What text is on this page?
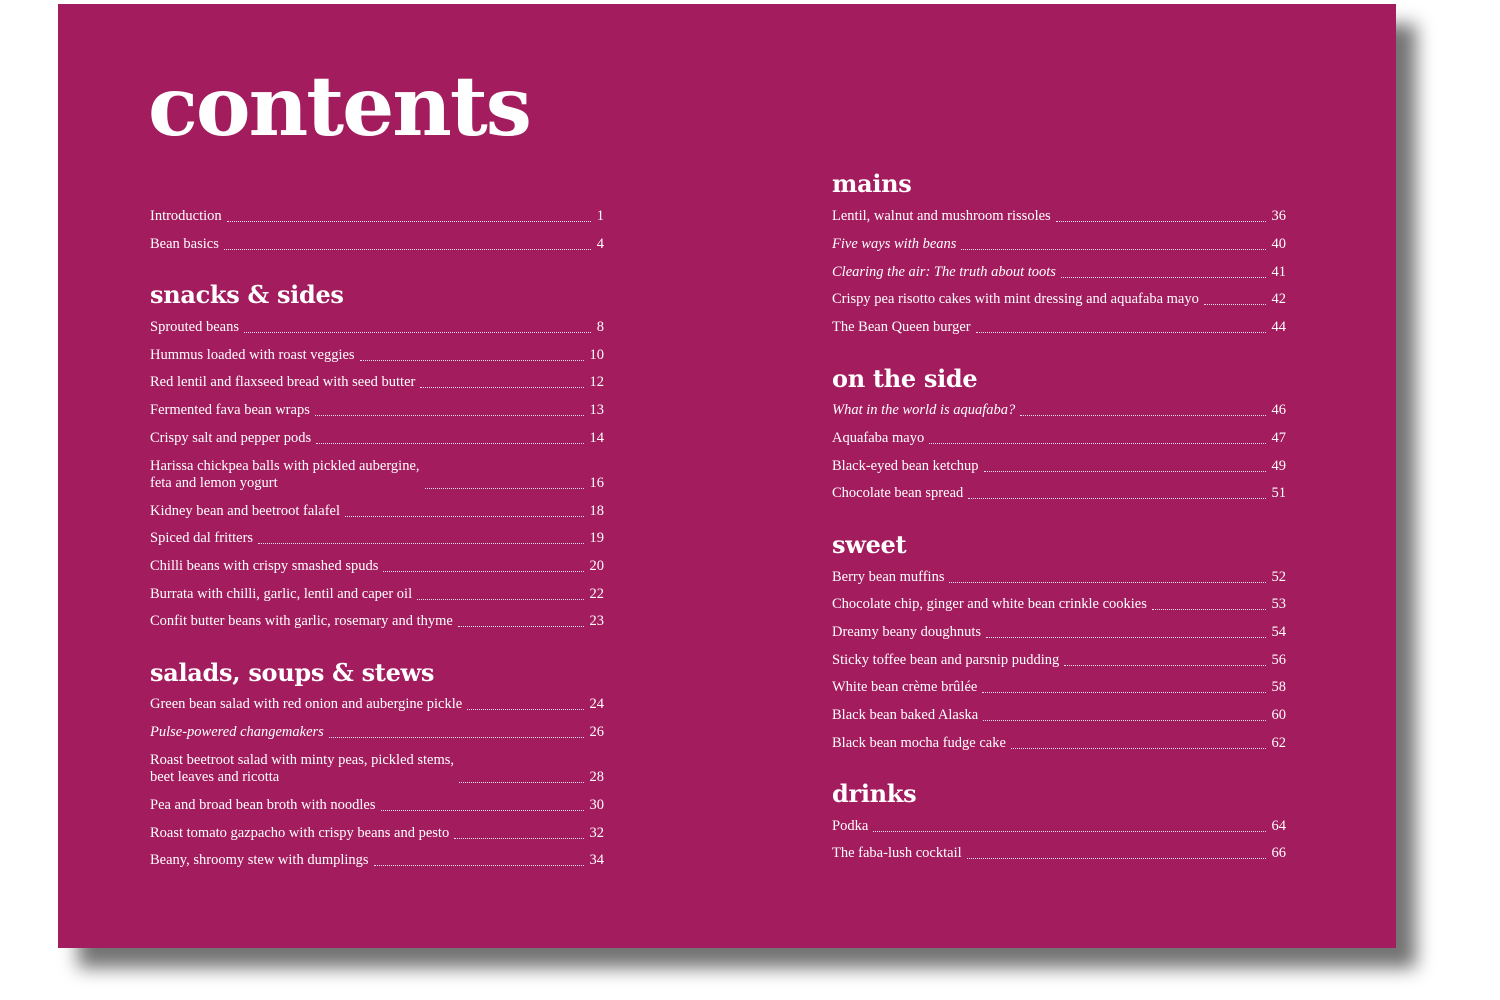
contents
Introduction	1
Bean basics	4
snacks & sides
Sprouted beans	8
Hummus loaded with roast veggies	10
Red lentil and flaxseed bread with seed butter	12
Fermented fava bean wraps	13
Crispy salt and pepper pods	14
Harissa chickpea balls with pickled aubergine,
feta and lemon yogurt	16
Kidney bean and beetroot falafel	18
Spiced dal fritters	19
Chilli beans with crispy smashed spuds	20
Burrata with chilli, garlic, lentil and caper oil	22
Confit butter beans with garlic, rosemary and thyme	23
salads, soups & stews
Green bean salad with red onion and aubergine pickle	24
Pulse-powered changemakers	26
Roast beetroot salad with minty peas, pickled stems,
beet leaves and ricotta	28
Pea and broad bean broth with noodles	30
Roast tomato gazpacho with crispy beans and pesto	32
Beany, shroomy stew with dumplings	34
mains
Lentil, walnut and mushroom rissoles	36
Five ways with beans	40
Clearing the air: The truth about toots	41
Crispy pea risotto cakes with mint dressing and aquafaba mayo	42
The Bean Queen burger	44
on the side
What in the world is aquafaba?	46
Aquafaba mayo	47
Black-eyed bean ketchup	49
Chocolate bean spread	51
sweet
Berry bean muffins	52
Chocolate chip, ginger and white bean crinkle cookies	53
Dreamy beany doughnuts	54
Sticky toffee bean and parsnip pudding	56
White bean crème brûlée	58
Black bean baked Alaska	60
Black bean mocha fudge cake	62
drinks
Podka	64
The faba-lush cocktail	66
